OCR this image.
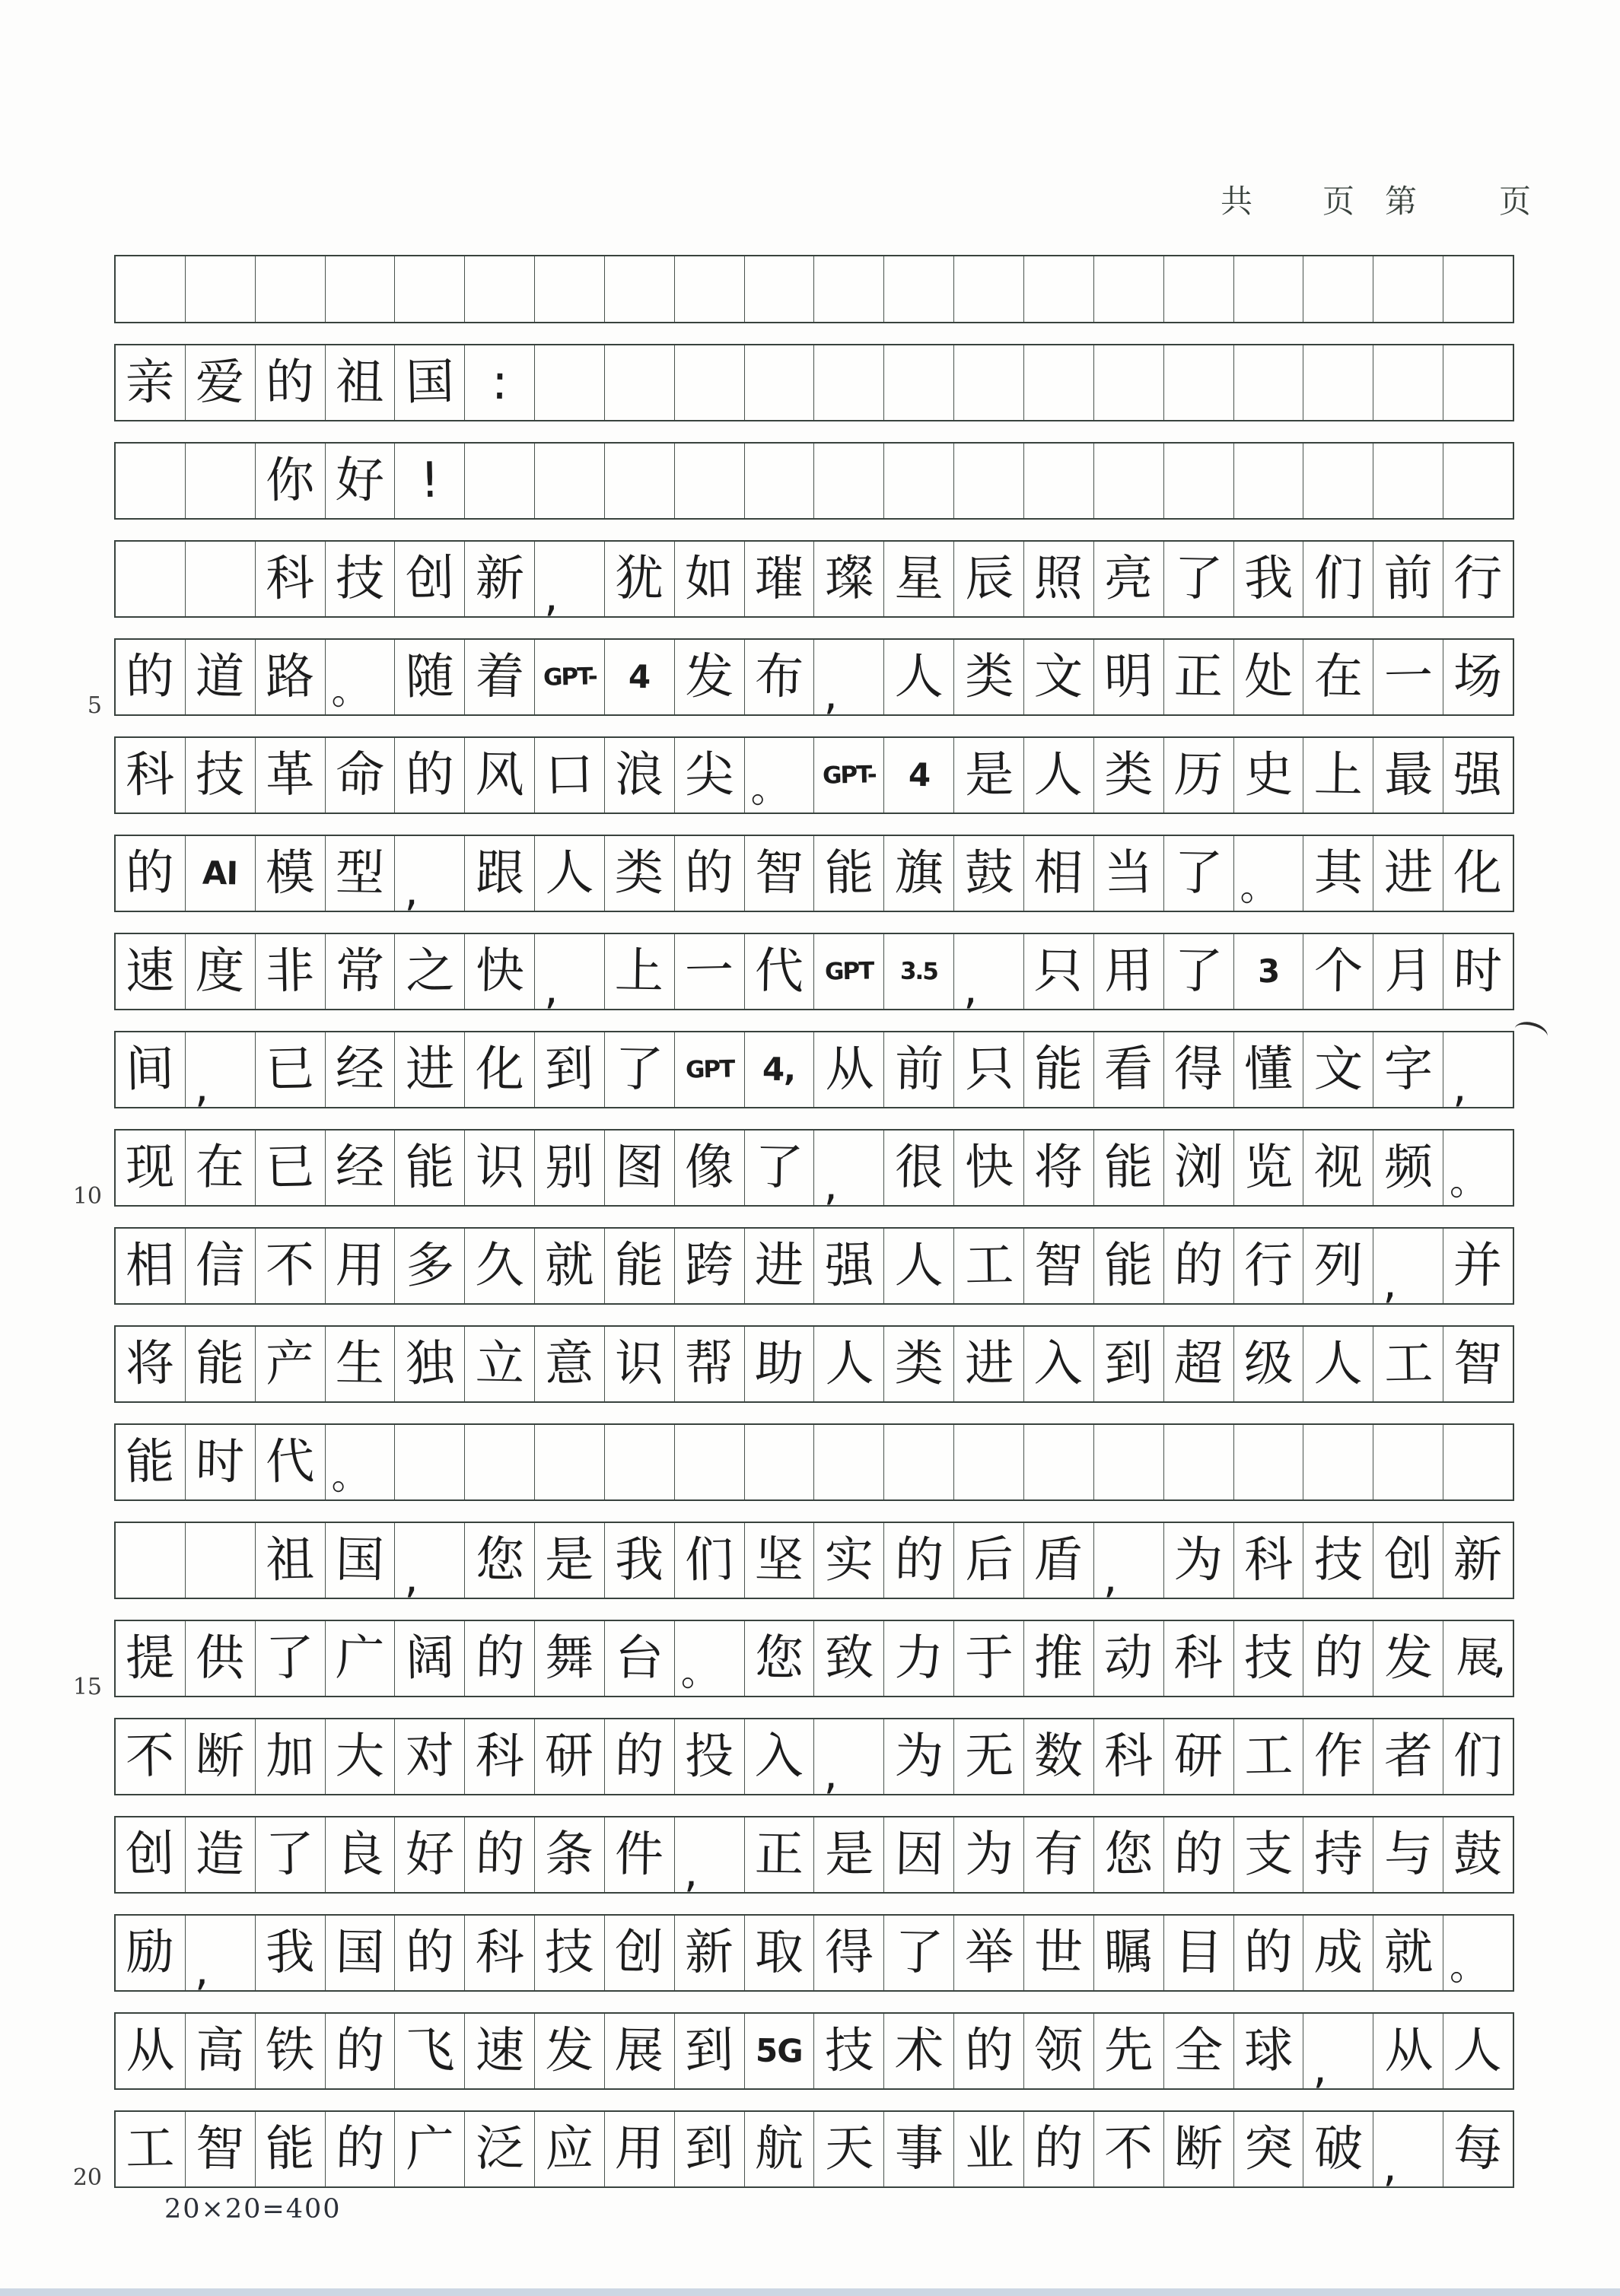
共 页 第	页
亲 爱 的 祖 国 :
你 好 !
科 技 创 新 , 犹 如 璀 璨 星 辰 照 亮 了 我 们 前 行
5 的 道 路 。 随 着 GPT- 4 发 布 , 人 类 文 明 正 处 在 一 场
科 技 革 命 的 风 口 浪 尖 。 GPT- 4 是 人 类 历 史 上 最 强
的 AI 模 型 , 跟 人 类 的 智 能 旗 鼓 相 当 了 。 其 进 化
速 度 非 常 之 快 , 上 一 代 GPT 3.5 , 只 用 了 3 个 月 时
间 , 已 经 进 化 到 了 GPT 4, 从 前 只 能 看 得 懂 文 字 ,
10 现 在 已 经 能 识 别 图 像 了 , 很 快 将 能 浏 览 视 频 。
相 信 不 用 多 久 就 能 跨 进 强 人 工 智 能 的 行 列 , 并
将 能 产 生 独 立 意 识 帮 助 人 类 进 入 到 超 级 人 工 智
能 时 代 。
祖 国 , 您 是 我 们 坚 实 的 后 盾 , 为 科 技 创 新
15 提 供 了 广 阔 的 舞 台 。 您 致 力 于 推 动 科 技 的 发 展,
不 断 加 大 对 科 研 的 投 入 , 为 无 数 科 研 工 作 者 们
创 造 了 良 好 的 条 件 , 正 是 因 为 有 您 的 支 持 与 鼓
励 , 我 国 的 科 技 创 新 取 得 了 举 世 瞩 目 的 成 就 。
从 高 铁 的 飞 速 发 展 到 5G 技 术 的 领 先 全 球 , 从 人
20 工 智 能 的 广 泛 应 用 到 航 天 事 业 的 不 断 突 破 , 每
20×20=400
